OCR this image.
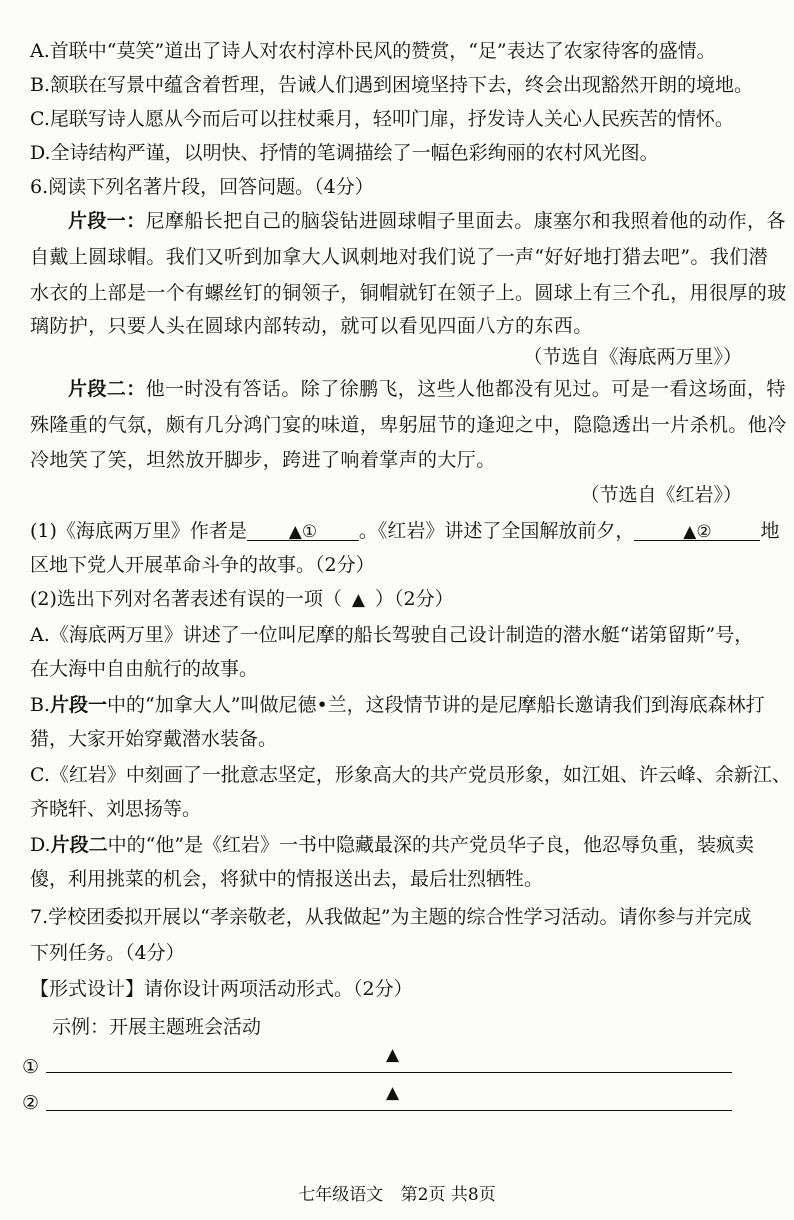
A.首联中“莫笑”道出了诗人对农村淳朴民风的赞赏，“足”表达了农家待客的盛情。
B.颔联在写景中蕴含着哲理，告诫人们遇到困境坚持下去，终会出现豁然开朗的境地。
C.尾联写诗人愿从今而后可以拄杖乘月，轻叩门扉，抒发诗人关心人民疾苦的情怀。
D.全诗结构严谨，以明快、抒情的笔调描绘了一幅色彩绚丽的农村风光图。
6.阅读下列名著片段，回答问题。（4分）
片段一：尼摩船长把自己的脑袋钻进圆球帽子里面去。康塞尔和我照着他的动作，各
自戴上圆球帽。我们又听到加拿大人讽刺地对我们说了一声“好好地打猎去吧”。我们潜
水衣的上部是一个有螺丝钉的铜领子，铜帽就钉在领子上。圆球上有三个孔，用很厚的玻
璃防护，只要人头在圆球内部转动，就可以看见四面八方的东西。
（节选自《海底两万里》）
片段二：他一时没有答话。除了徐鹏飞，这些人他都没有见过。可是一看这场面，特
殊隆重的气氛，颇有几分鸿门宴的味道，卑躬屈节的逢迎之中，隐隐透出一片杀机。他冷
冷地笑了笑，坦然放开脚步，跨进了响着掌声的大厅。
（节选自《红岩》）
(1)《海底两万里》作者是 ▲① 。《红岩》讲述了全国解放前夕，	▲②	地
区地下党人开展革命斗争的故事。（2分）
(2)选出下列对名著表述有误的一项（ ▲ ）（2分）
A.《海底两万里》讲述了一位叫尼摩的船长驾驶自己设计制造的潜水艇“诺第留斯”号，
在大海中自由航行的故事。
B.片段一中的“加拿大人”叫做尼德•兰，这段情节讲的是尼摩船长邀请我们到海底森林打
猎，大家开始穿戴潜水装备。
C.《红岩》中刻画了一批意志坚定，形象高大的共产党员形象，如江姐、许云峰、余新江、
齐晓轩、刘思扬等。
D.片段二中的“他”是《红岩》一书中隐藏最深的共产党员华子良，他忍辱负重，装疯卖
傻，利用挑菜的机会，将狱中的情报送出去，最后壮烈牺牲。
7.学校团委拟开展以“孝亲敬老，从我做起”为主题的综合性学习活动。请你参与并完成
下列任务。（4分）
【形式设计】请你设计两项活动形式。（2分）
示例：开展主题班会活动
①
▲
②	▲
七年级语文 第2页 共8页
